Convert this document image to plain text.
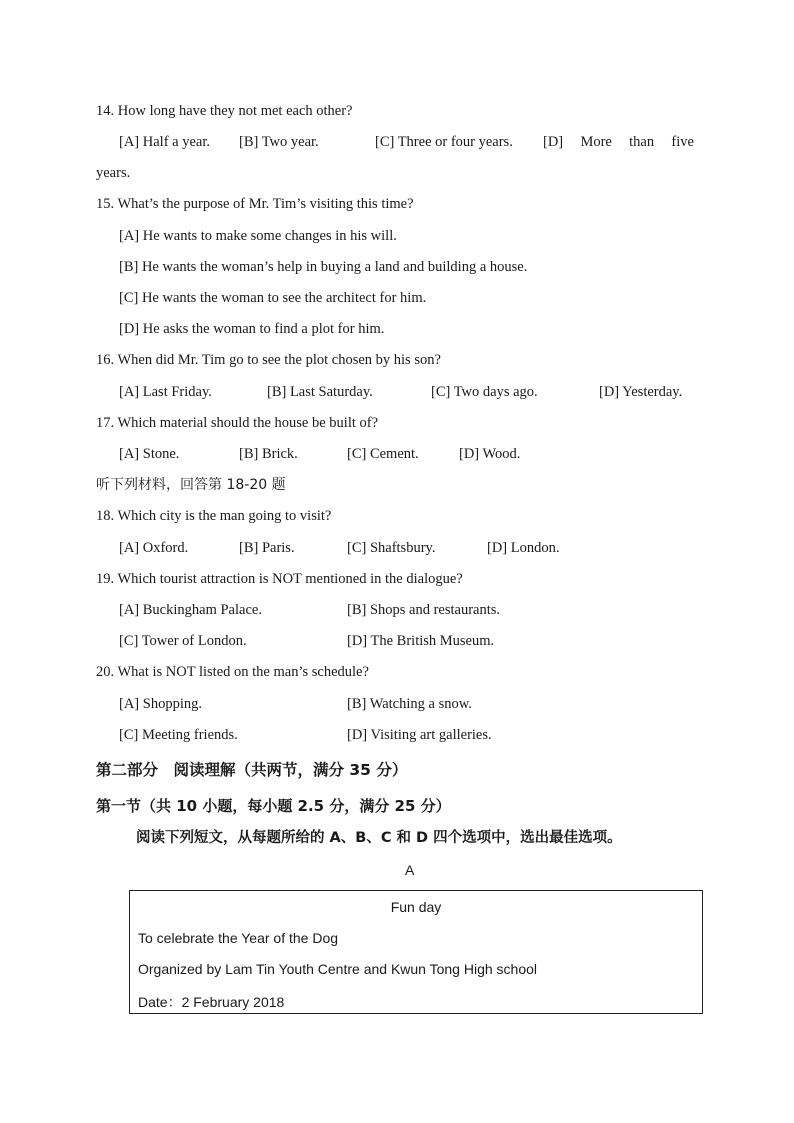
14. How long have they not met each other?
[A] Half a year. [B] Two year.	[C] Three or four years. [D] More than five
years.
15. What’s the purpose of Mr. Tim’s visiting this time?
[A] He wants to make some changes in his will.
[B] He wants the woman’s help in buying a land and building a house.
[C] He wants the woman to see the architect for him.
[D] He asks the woman to find a plot for him.
16. When did Mr. Tim go to see the plot chosen by his son?
[A] Last Friday.	[B] Last Saturday.	[C] Two days ago.	[D] Yesterday.
17. Which material should the house be built of?
[A] Stone.	[B] Brick.	[C] Cement.	[D] Wood.
听下列材料，回答第 18-20 题
18. Which city is the man going to visit?
[A] Oxford.	[B] Paris.	[C] Shaftsbury.	[D] London.
19. Which tourist attraction is NOT mentioned in the dialogue?
[A] Buckingham Palace.	[B] Shops and restaurants.
[C] Tower of London.	[D] The British Museum.
20. What is NOT listed on the man’s schedule?
[A] Shopping.	[B] Watching a snow.
[C] Meeting friends.	[D] Visiting art galleries.
第二部分　阅读理解（共两节，满分 35 分）
第一节（共 10 小题，每小题 2.5 分，满分 25 分）
阅读下列短文，从每题所给的 A、B、C 和 D 四个选项中，选出最佳选项。
A
Fun day
To celebrate the Year of the Dog
Organized by Lam Tin Youth Centre and Kwun Tong High school
Date：2 February 2018
